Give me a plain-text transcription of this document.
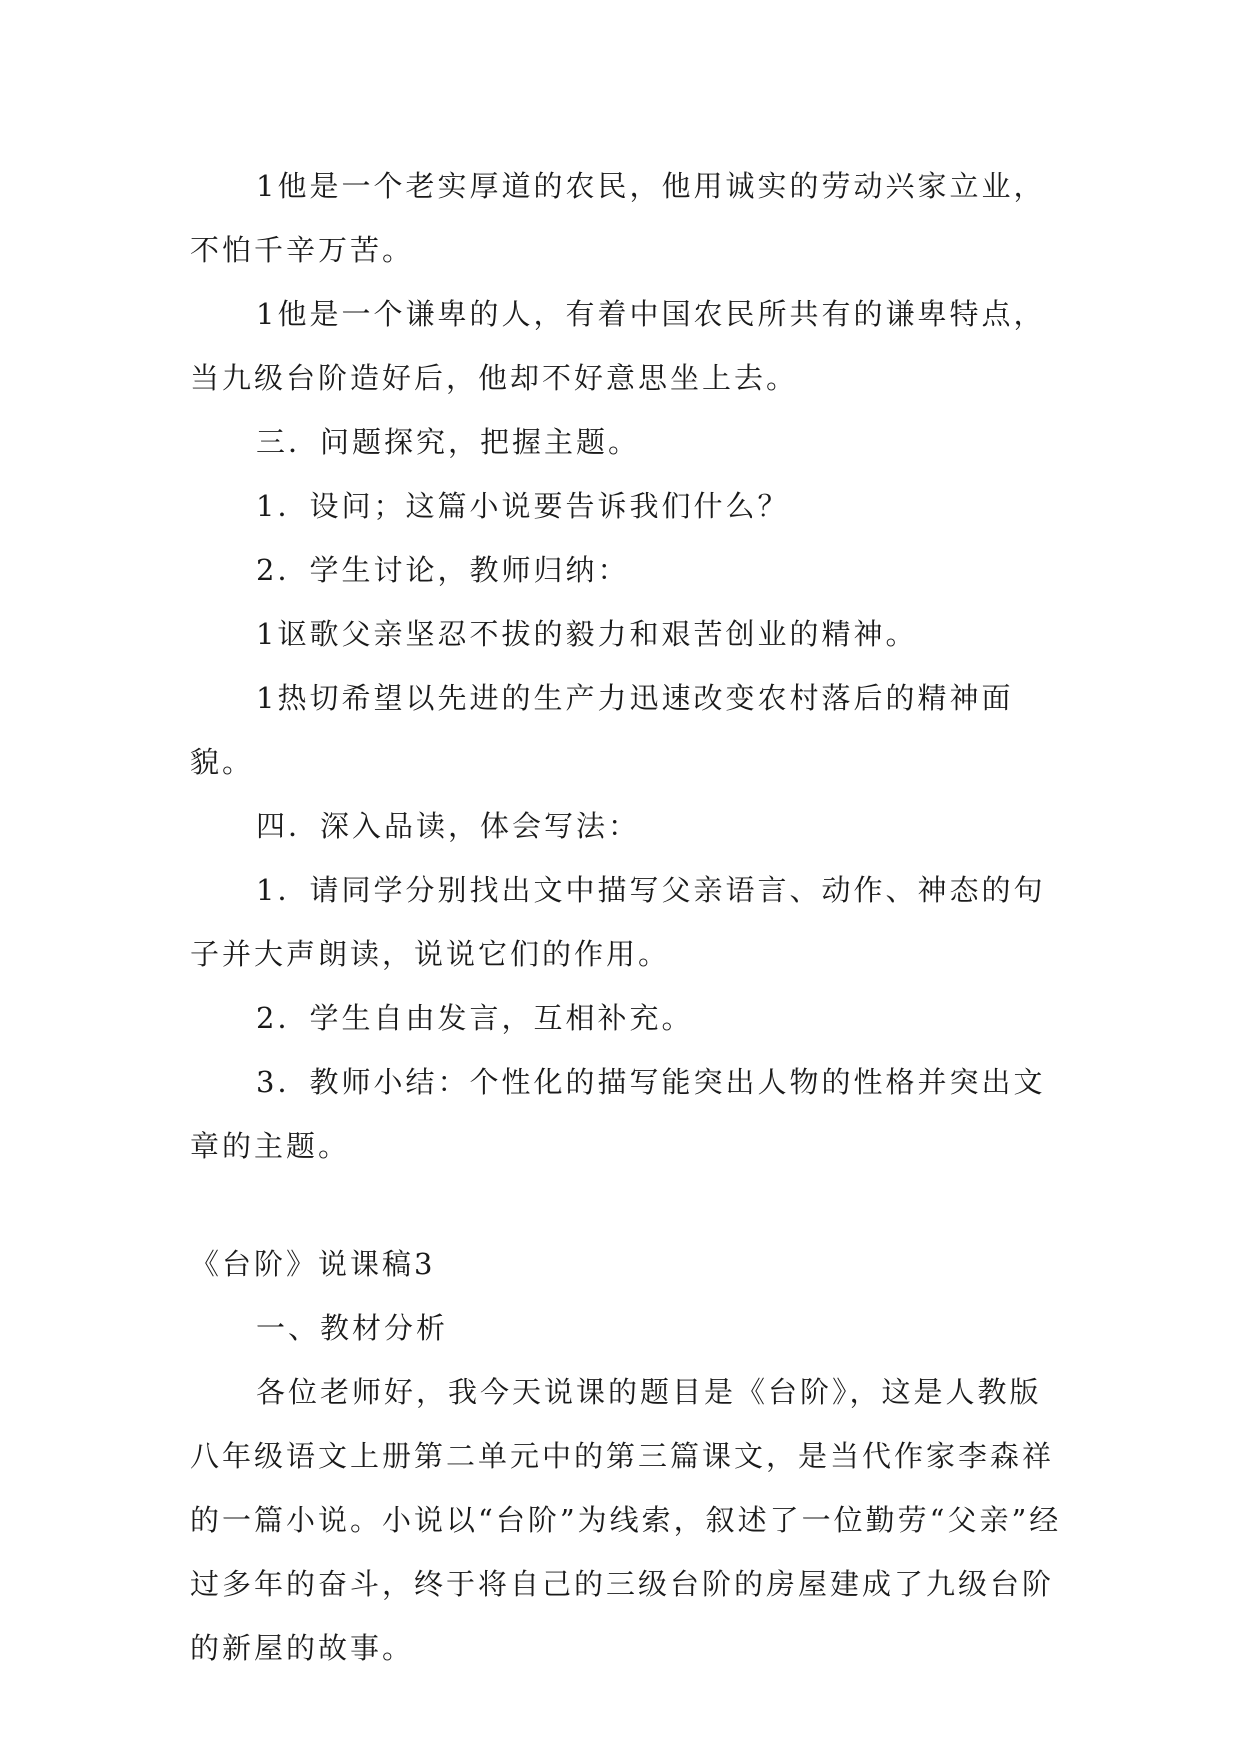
1他是一个老实厚道的农民，他用诚实的劳动兴家立业，不怕千辛万苦。

1他是一个谦卑的人，有着中国农民所共有的谦卑特点，当九级台阶造好后，他却不好意思坐上去。

三．问题探究，把握主题。

1．设问；这篇小说要告诉我们什么？

2．学生讨论，教师归纳：

1讴歌父亲坚忍不拔的毅力和艰苦创业的精神。

1热切希望以先进的生产力迅速改变农村落后的精神面貌。

四．深入品读，体会写法：

1．请同学分别找出文中描写父亲语言、动作、神态的句子并大声朗读，说说它们的作用。

2．学生自由发言，互相补充。

3．教师小结：个性化的描写能突出人物的性格并突出文章的主题。

《台阶》说课稿3

一、教材分析

各位老师好，我今天说课的题目是《台阶》，这是人教版八年级语文上册第二单元中的第三篇课文，是当代作家李森祥的一篇小说。小说以“台阶”为线索，叙述了一位勤劳“父亲”经过多年的奋斗，终于将自己的三级台阶的房屋建成了九级台阶的新屋的故事。
